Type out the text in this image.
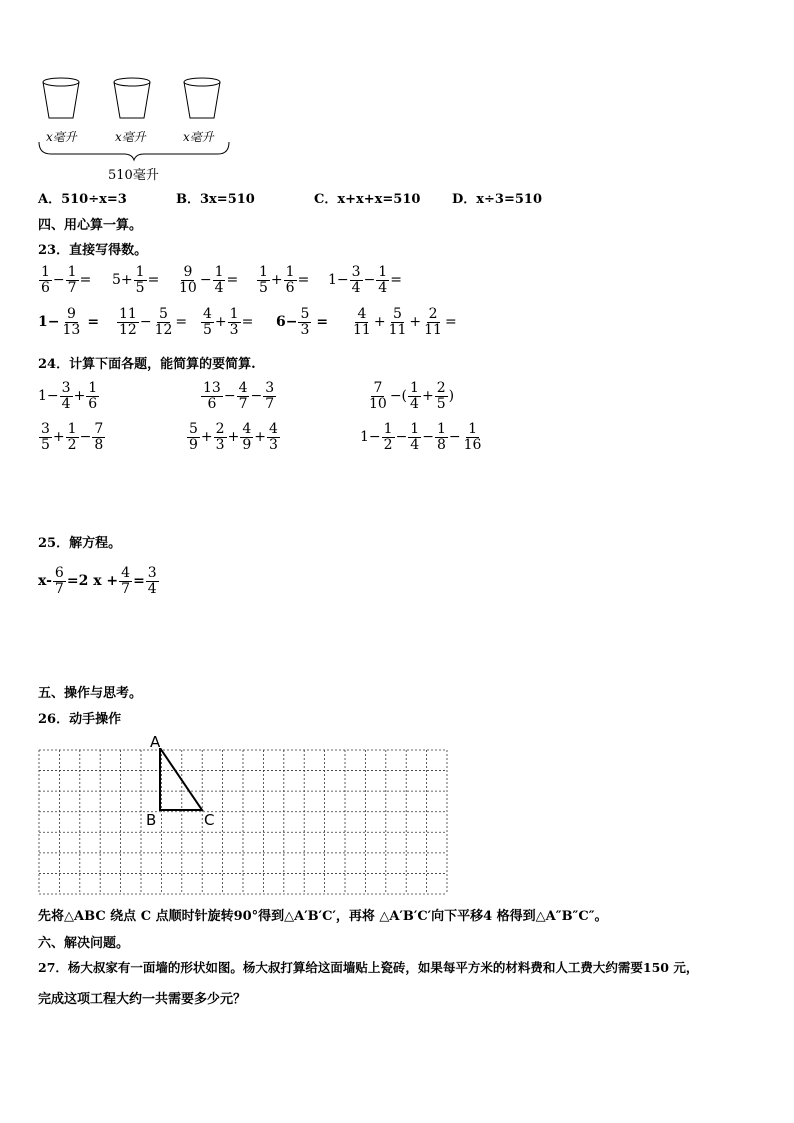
x毫升	x毫升	x毫升
510毫升
A．510÷x=3	B．3x=510	C．x+x+x=510 D．x÷3=510
四、用心算一算。
23．直接写得数。
$\frac{1}{6} - \frac{1}{7} = 5+ \frac{1}{5} = \frac{9}{10} - \frac{1}{4} = \frac{1}{5} + \frac{1}{6} = 1- \frac{3}{4} - \frac{1}{4}$ =
$1- \frac{9}{13} = \frac{11}{12} - \frac{5}{12} = \frac{4}{5} + \frac{1}{3} = 6- \frac{5}{3} = \frac{4}{11} + \frac{5}{11} + \frac{2}{11}$ =
24．计算下面各题，能简算的要简算.
$1- \frac{3}{4} + \frac{1}{6}$	$\frac{13}{6} - \frac{4}{7} - \frac{3}{7}$	$\frac{7}{10}$ −( $\frac{1}{4} + \frac{2}{5}$ )
$\frac{3}{5} + \frac{1}{2} - \frac{7}{8}$	$\frac{5}{9} + \frac{2}{3} + \frac{4}{9} + \frac{4}{3}$	$1- \frac{1}{2} - \frac{1}{4} - \frac{1}{8} - \frac{1}{16}$
25．解方程。
$x- \frac{6}{7} =2$ $x + \frac{4}{7} = \frac{3}{4}$
五、操作与思考。
26．动手操作
A
B	C
先将△ABC 绕点 C 点顺时针旋转90°得到△A′B′C′，再将 △A′B′C′向下平移4 格得到△A″B″C″。
六、解决问题。
27．杨大叔家有一面墙的形状如图。杨大叔打算给这面墙贴上瓷砖，如果每平方米的材料费和人工费大约需要150 元，
完成这项工程大约一共需要多少元？
